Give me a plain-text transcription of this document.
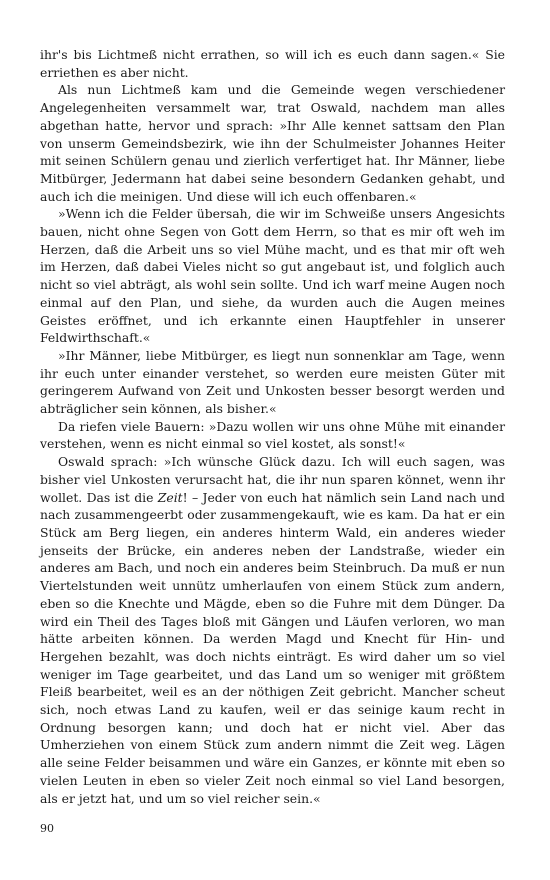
ihr's bis Lichtmeß nicht errathen, so will ich es euch dann sagen.« Sie erriethen es aber nicht.

Als nun Lichtmeß kam und die Gemeinde wegen verschiedener Angelegenheiten versammelt war, trat Oswald, nachdem man alles abgethan hatte, hervor und sprach: »Ihr Alle kennet sattsam den Plan von unserm Gemeindsbezirk, wie ihn der Schulmeister Johannes Heiter mit seinen Schülern genau und zierlich verfertiget hat. Ihr Männer, liebe Mitbürger, Jedermann hat dabei seine besondern Gedanken gehabt, und auch ich die meinigen. Und diese will ich euch offenbaren.«

»Wenn ich die Felder übersah, die wir im Schweiße unsers Angesichts bauen, nicht ohne Segen von Gott dem Herrn, so that es mir oft weh im Herzen, daß die Arbeit uns so viel Mühe macht, und es that mir oft weh im Herzen, daß dabei Vieles nicht so gut angebaut ist, und folglich auch nicht so viel abträgt, als wohl sein sollte. Und ich warf meine Augen noch einmal auf den Plan, und siehe, da wurden auch die Augen meines Geistes eröffnet, und ich erkannte einen Hauptfehler in unserer Feldwirthschaft.«

»Ihr Männer, liebe Mitbürger, es liegt nun sonnenklar am Tage, wenn ihr euch unter einander verstehet, so werden eure meisten Güter mit geringerem Aufwand von Zeit und Unkosten besser besorgt werden und abträglicher sein können, als bisher.«

Da riefen viele Bauern: »Dazu wollen wir uns ohne Mühe mit einander verstehen, wenn es nicht einmal so viel kostet, als sonst!«

Oswald sprach: »Ich wünsche Glück dazu. Ich will euch sagen, was bisher viel Unkosten verursacht hat, die ihr nun sparen könnet, wenn ihr wollet. Das ist die Zeit! – Jeder von euch hat nämlich sein Land nach und nach zusammengeerbt oder zusammengekauft, wie es kam. Da hat er ein Stück am Berg liegen, ein anderes hinterm Wald, ein anderes wieder jenseits der Brücke, ein anderes neben der Landstraße, wieder ein anderes am Bach, und noch ein anderes beim Steinbruch. Da muß er nun Viertelstunden weit unnütz umherlaufen von einem Stück zum andern, eben so die Knechte und Mägde, eben so die Fuhre mit dem Dünger. Da wird ein Theil des Tages bloß mit Gängen und Läufen verloren, wo man hätte arbeiten können. Da werden Magd und Knecht für Hin- und Hergehen bezahlt, was doch nichts einträgt. Es wird daher um so viel weniger im Tage gearbeitet, und das Land um so weniger mit größtem Fleiß bearbeitet, weil es an der nöthigen Zeit gebricht. Mancher scheut sich, noch etwas Land zu kaufen, weil er das seinige kaum recht in Ordnung besorgen kann; und doch hat er nicht viel. Aber das Umherziehen von einem Stück zum andern nimmt die Zeit weg. Lägen alle seine Felder beisammen und wäre ein Ganzes, er könnte mit eben so vielen Leuten in eben so vieler Zeit noch einmal so viel Land besorgen, als er jetzt hat, und um so viel reicher sein.«

90
